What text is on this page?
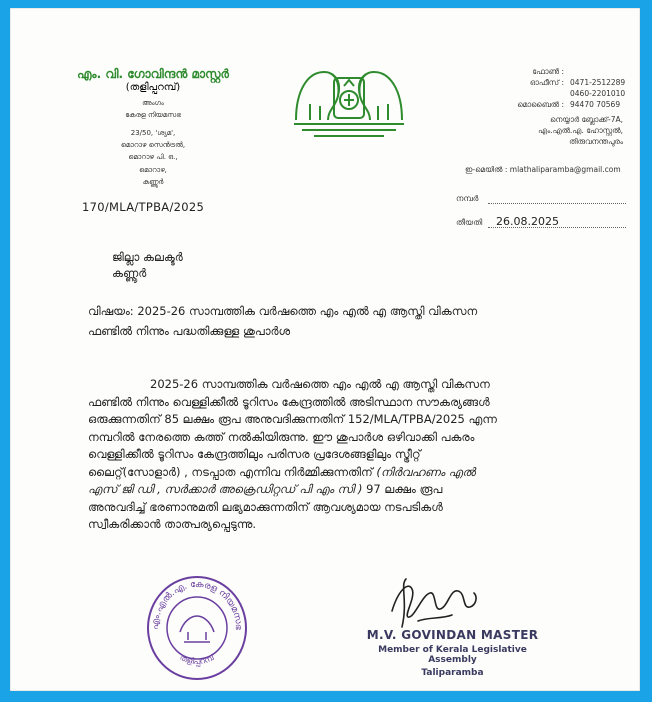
എം. വി. ഗോവിന്ദൻ മാസ്റ്റർ
(തളിപ്പറമ്പ്)
അംഗം
കേരള നിയമസഭ
23/50, 'ശ്യമ',
മൊറാഴ സെൻട്രൽ,
മൊറാഴ പി. ഒ.,
മൊറാഴ,
കണ്ണൂർ
170/MLA/TPBA/2025
ഫോൺ :
ഓഫീസ് : 0471-2512289
0460-2201010
മൊബൈൽ : 94470 70569
നെയ്യാർ ബ്ലോക്ക്-7A,
എം.എൽ.എ. ഹോസ്റ്റൽ,
തിരുവനന്തപുരം
ഇ-മെയിൽ : mlathaliparamba@gmail.com
നമ്പർ
തീയതി	26.08.2025
ജില്ലാ കലക്ടർ
കണ്ണൂർ
വിഷയം: 2025-26 സാമ്പത്തിക വർഷത്തെ എം എൽ എ ആസ്തി വികസന
ഫണ്ടിൽ നിന്നും പദ്ധതിക്കുള്ള ശുപാർശ
2025-26 സാമ്പത്തിക വർഷത്തെ എം എൽ എ ആസ്തി വികസന
ഫണ്ടിൽ നിന്നും വെള്ളിക്കീൽ ടൂറിസം കേന്ദ്രത്തിൽ അടിസ്ഥാന സൗകര്യങ്ങൾ
ഒരുക്കുന്നതിന് 85 ലക്ഷം രൂപ അനുവദിക്കുന്നതിന് 152/MLA/TPBA/2025 എന്ന
നമ്പറിൽ നേരത്തെ കത്ത് നൽകിയിരുന്നു. ഈ ശുപാർശ ഒഴിവാക്കി പകരം
വെള്ളിക്കീൽ ടൂറിസം കേന്ദ്രത്തിലും പരിസര പ്രദേശങ്ങളിലും സ്ട്രീറ്റ്
ലൈറ്റ്(സോളാർ) , നടപ്പാത എന്നിവ നിർമ്മിക്കുന്നതിന് (നിർവഹണം എൽ
എസ് ജി ഡി , സർക്കാർ അക്രെഡിറ്റഡ് പി എം സി ) 97 ലക്ഷം രൂപ
അനുവദിച്ച് ഭരണാനുമതി ലഭ്യമാക്കുന്നതിന് ആവശ്യമായ നടപടികൾ
സ്വീകരിക്കാൻ താത്പര്യപ്പെടുന്നു.
എം.എൽ.എ. കേരള നിയമസഭ
തളിപ്പറമ്പ്
M.V. GOVINDAN MASTER
Member of Kerala Legislative Assembly
Taliparamba
